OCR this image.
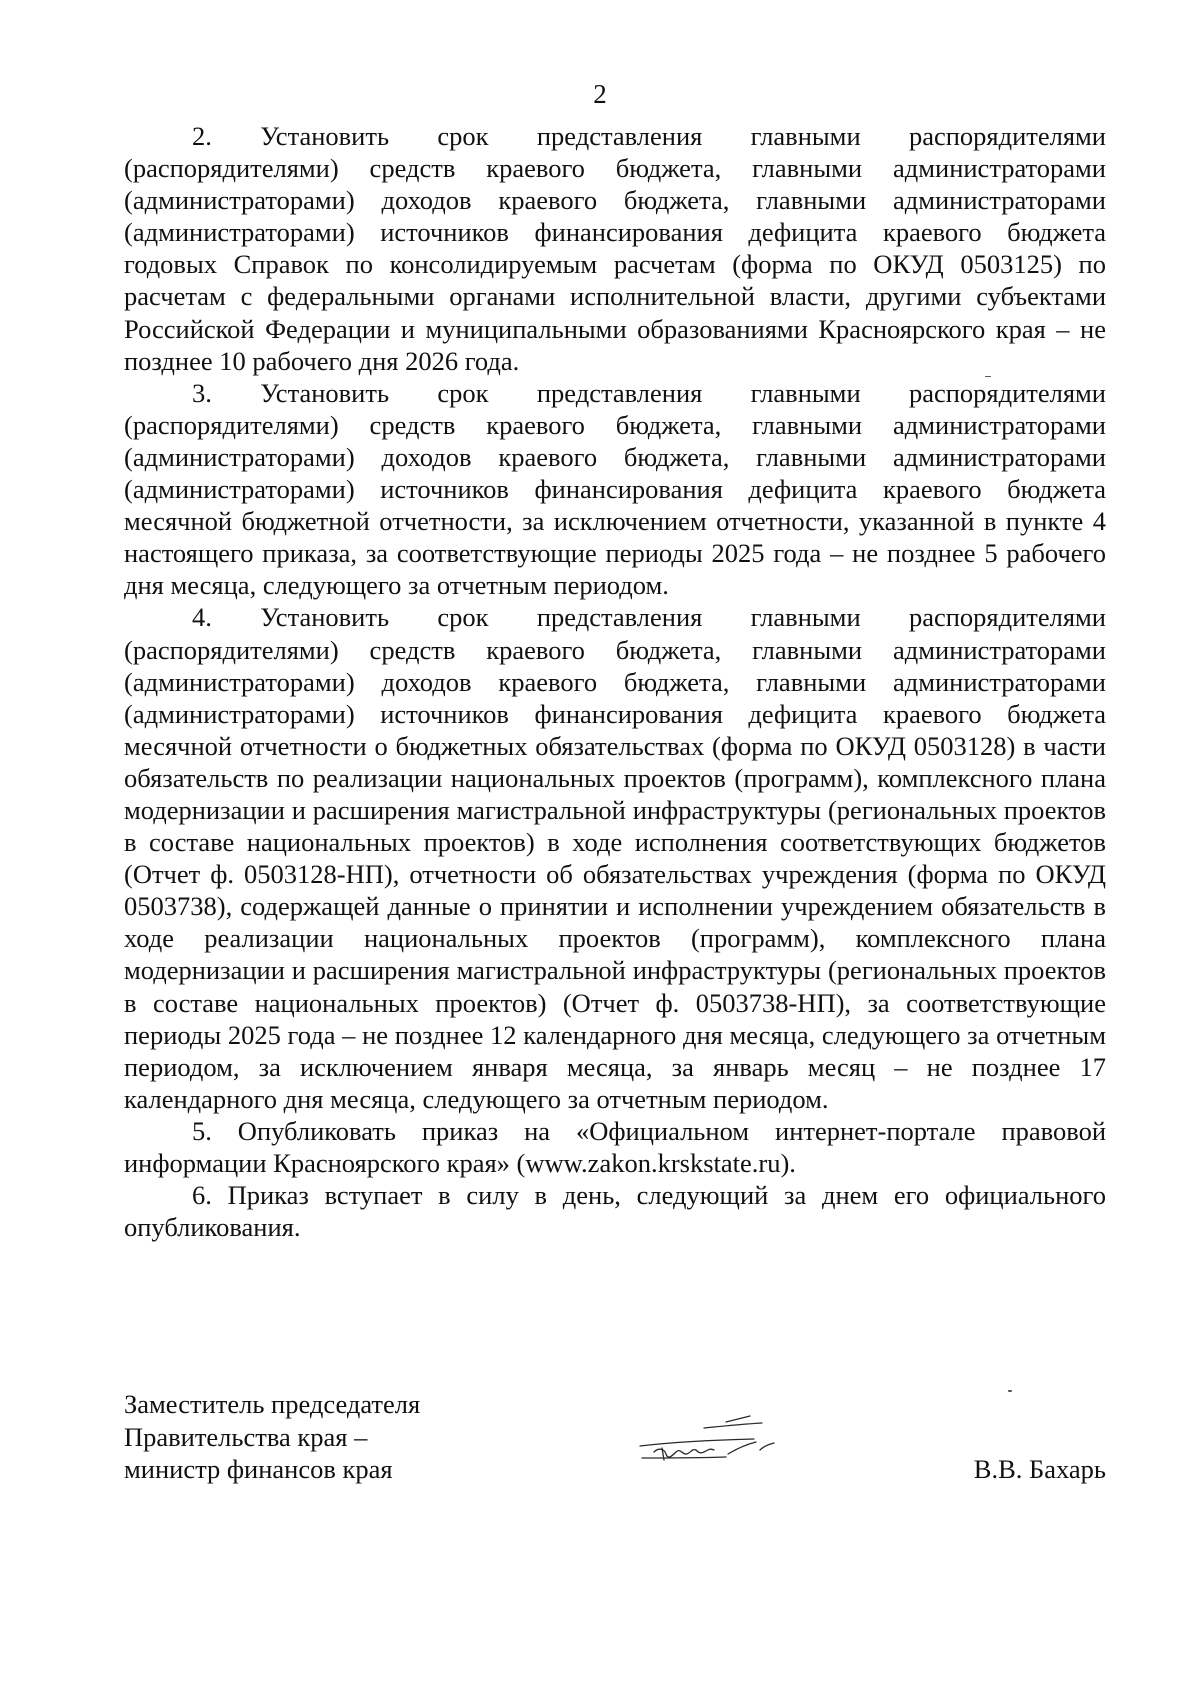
2

2. Установить срок представления главными распорядителями (распорядителями) средств краевого бюджета, главными администраторами (администраторами) доходов краевого бюджета, главными администраторами (администраторами) источников финансирования дефицита краевого бюджета годовых Справок по консолидируемым расчетам (форма по ОКУД 0503125) по расчетам с федеральными органами исполнительной власти, другими субъектами Российской Федерации и муниципальными образованиями Красноярского края – не позднее 10 рабочего дня 2026 года.

3. Установить срок представления главными распорядителями (распорядителями) средств краевого бюджета, главными администраторами (администраторами) доходов краевого бюджета, главными администраторами (администраторами) источников финансирования дефицита краевого бюджета месячной бюджетной отчетности, за исключением отчетности, указанной в пункте 4 настоящего приказа, за соответствующие периоды 2025 года – не позднее 5 рабочего дня месяца, следующего за отчетным периодом.

4. Установить срок представления главными распорядителями (распорядителями) средств краевого бюджета, главными администраторами (администраторами) доходов краевого бюджета, главными администраторами (администраторами) источников финансирования дефицита краевого бюджета месячной отчетности о бюджетных обязательствах (форма по ОКУД 0503128) в части обязательств по реализации национальных проектов (программ), комплексного плана модернизации и расширения магистральной инфраструктуры (региональных проектов в составе национальных проектов) в ходе исполнения соответствующих бюджетов (Отчет ф. 0503128-НП), отчетности об обязательствах учреждения (форма по ОКУД 0503738), содержащей данные о принятии и исполнении учреждением обязательств в ходе реализации национальных проектов (программ), комплексного плана модернизации и расширения магистральной инфраструктуры (региональных проектов в составе национальных проектов) (Отчет ф. 0503738-НП), за соответствующие периоды 2025 года – не позднее 12 календарного дня месяца, следующего за отчетным периодом, за исключением января месяца, за январь месяц – не позднее 17 календарного дня месяца, следующего за отчетным периодом.

5. Опубликовать приказ на «Официальном интернет-портале правовой информации Красноярского края» (www.zakon.krskstate.ru).

6. Приказ вступает в силу в день, следующий за днем его официального опубликования.

Заместитель председателя
Правительства края –
министр финансов края	В.В. Бахарь
